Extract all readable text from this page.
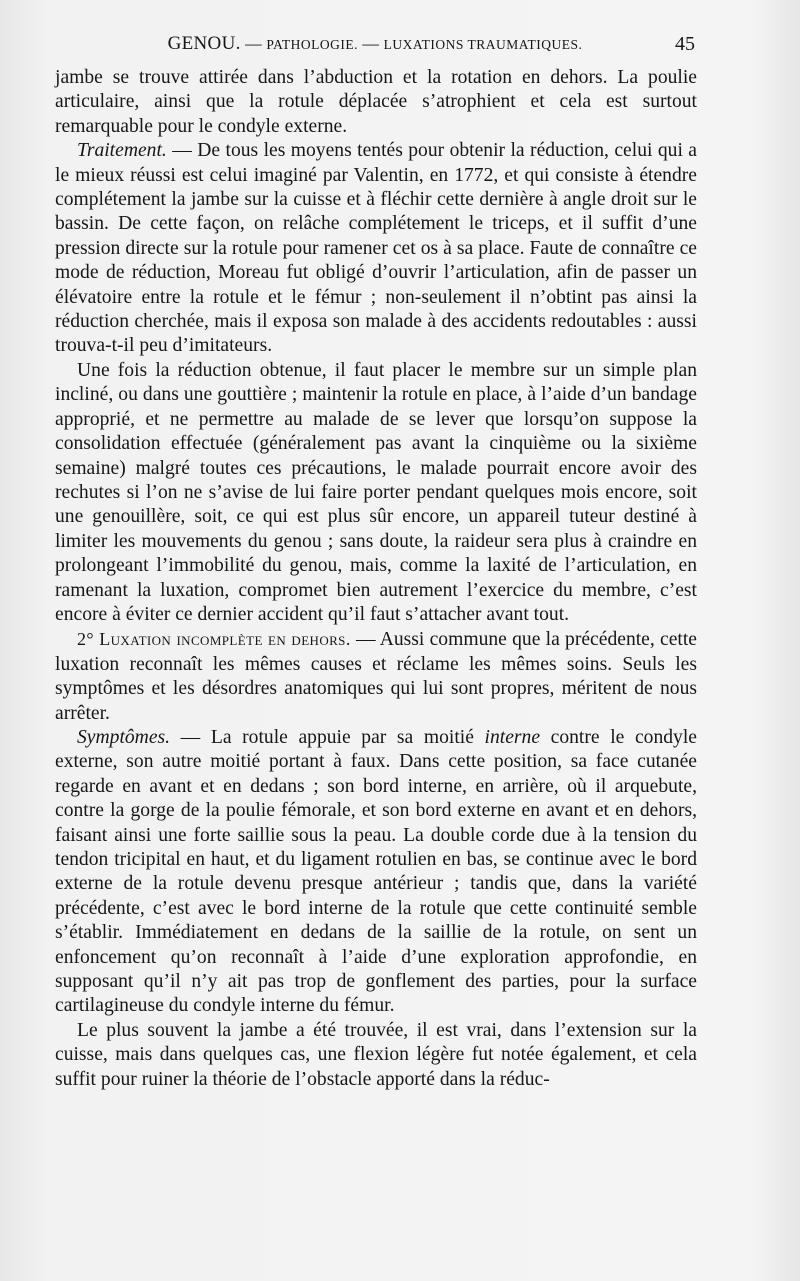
GENOU. — PATHOLOGIE. — LUXATIONS TRAUMATIQUES.	45

jambe se trouve attirée dans l’abduction et la rotation en dehors. La poulie articulaire, ainsi que la rotule déplacée s’atrophient et cela est surtout remarquable pour le condyle externe.

Traitement. — De tous les moyens tentés pour obtenir la réduction, celui qui a le mieux réussi est celui imaginé par Valentin, en 1772, et qui consiste à étendre complétement la jambe sur la cuisse et à fléchir cette dernière à angle droit sur le bassin. De cette façon, on relâche complétement le triceps, et il suffit d’une pression directe sur la rotule pour ramener cet os à sa place. Faute de connaître ce mode de réduction, Moreau fut obligé d’ouvrir l’articulation, afin de passer un élévatoire entre la rotule et le fémur ; non-seulement il n’obtint pas ainsi la réduction cherchée, mais il exposa son malade à des accidents redoutables : aussi trouva-t-il peu d’imitateurs.

Une fois la réduction obtenue, il faut placer le membre sur un simple plan incliné, ou dans une gouttière ; maintenir la rotule en place, à l’aide d’un bandage approprié, et ne permettre au malade de se lever que lorsqu’on suppose la consolidation effectuée (généralement pas avant la cinquième ou la sixième semaine) malgré toutes ces précautions, le malade pourrait encore avoir des rechutes si l’on ne s’avise de lui faire porter pendant quelques mois encore, soit une genouillère, soit, ce qui est plus sûr encore, un appareil tuteur destiné à limiter les mouvements du genou ; sans doute, la raideur sera plus à craindre en prolongeant l’immobilité du genou, mais, comme la laxité de l’articulation, en ramenant la luxation, compromet bien autrement l’exercice du membre, c’est encore à éviter ce dernier accident qu’il faut s’attacher avant tout.

2° Luxation incomplète en dehors. — Aussi commune que la précédente, cette luxation reconnaît les mêmes causes et réclame les mêmes soins. Seuls les symptômes et les désordres anatomiques qui lui sont propres, méritent de nous arrêter.

Symptômes. — La rotule appuie par sa moitié interne contre le condyle externe, son autre moitié portant à faux. Dans cette position, sa face cutanée regarde en avant et en dedans ; son bord interne, en arrière, où il arquebute, contre la gorge de la poulie fémorale, et son bord externe en avant et en dehors, faisant ainsi une forte saillie sous la peau. La double corde due à la tension du tendon tricipital en haut, et du ligament rotulien en bas, se continue avec le bord externe de la rotule devenu presque antérieur ; tandis que, dans la variété précédente, c’est avec le bord interne de la rotule que cette continuité semble s’établir. Immédiatement en dedans de la saillie de la rotule, on sent un enfoncement qu’on reconnaît à l’aide d’une exploration approfondie, en supposant qu’il n’y ait pas trop de gonflement des parties, pour la surface cartilagineuse du condyle interne du fémur.

Le plus souvent la jambe a été trouvée, il est vrai, dans l’extension sur la cuisse, mais dans quelques cas, une flexion légère fut notée également, et cela suffit pour ruiner la théorie de l’obstacle apporté dans la réduc-
